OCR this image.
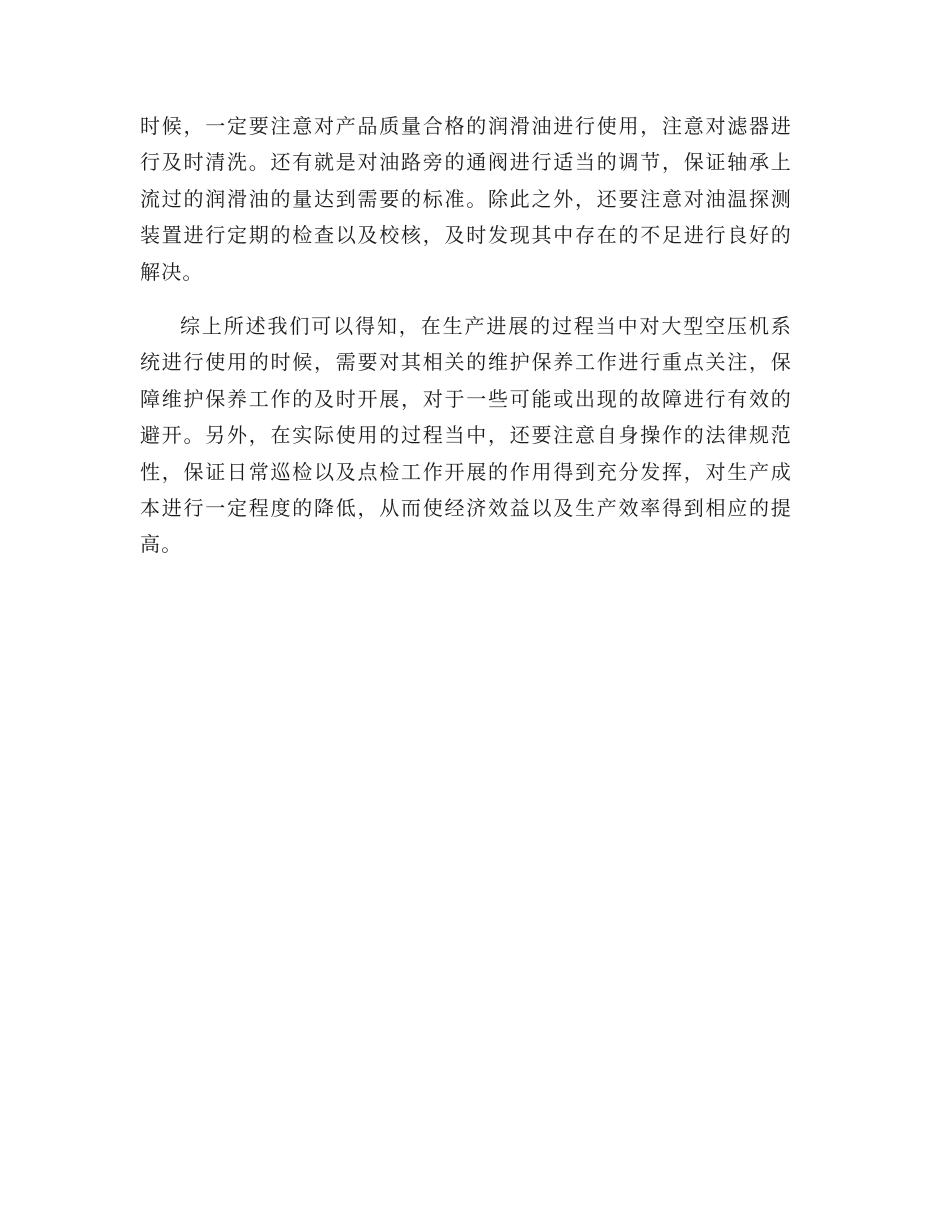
时候，一定要注意对产品质量合格的润滑油进行使用，注意对滤器进行及时清洗。还有就是对油路旁的通阀进行适当的调节，保证轴承上流过的润滑油的量达到需要的标准。除此之外，还要注意对油温探测装置进行定期的检查以及校核，及时发现其中存在的不足进行良好的解决。

综上所述我们可以得知，在生产进展的过程当中对大型空压机系统进行使用的时候，需要对其相关的维护保养工作进行重点关注，保障维护保养工作的及时开展，对于一些可能或出现的故障进行有效的避开。另外，在实际使用的过程当中，还要注意自身操作的法律规范性，保证日常巡检以及点检工作开展的作用得到充分发挥，对生产成本进行一定程度的降低，从而使经济效益以及生产效率得到相应的提高。
